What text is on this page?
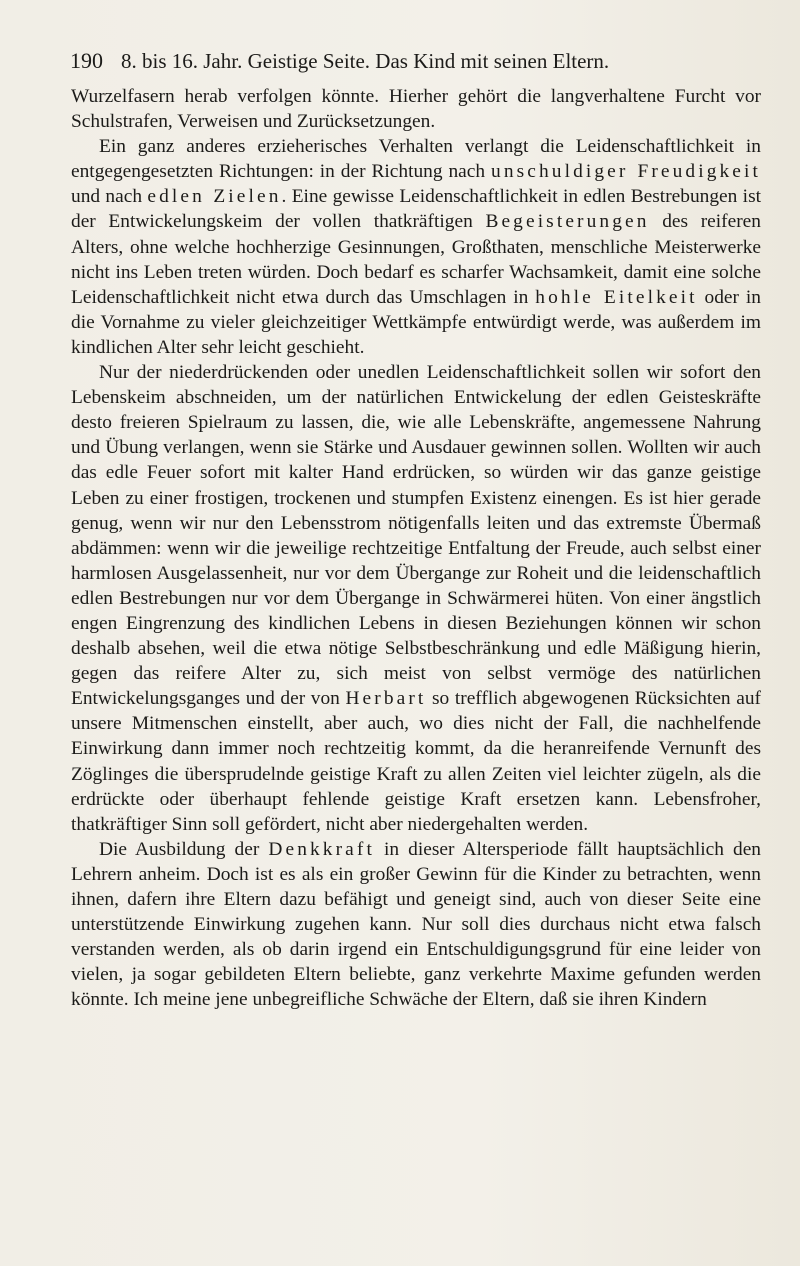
190 8. bis 16. Jahr. Geistige Seite. Das Kind mit seinen Eltern.

Wurzelfasern herab verfolgen könnte. Hierher gehört die langverhaltene Furcht vor Schulstrafen, Verweisen und Zurücksetzungen.

Ein ganz anderes erzieherisches Verhalten verlangt die Leidenschaftlichkeit in entgegengesetzten Richtungen: in der Richtung nach unschuldiger Freudigkeit und nach edlen Zielen. Eine gewisse Leidenschaftlichkeit in edlen Bestrebungen ist der Entwickelungskeim der vollen thatkräftigen Begeisterungen des reiferen Alters, ohne welche hochherzige Gesinnungen, Großthaten, menschliche Meisterwerke nicht ins Leben treten würden. Doch bedarf es scharfer Wachsamkeit, damit eine solche Leidenschaftlichkeit nicht etwa durch das Umschlagen in hohle Eitelkeit oder in die Vornahme zu vieler gleichzeitiger Wettkämpfe entwürdigt werde, was außerdem im kindlichen Alter sehr leicht geschieht.

Nur der niederdrückenden oder unedlen Leidenschaftlichkeit sollen wir sofort den Lebenskeim abschneiden, um der natürlichen Entwickelung der edlen Geisteskräfte desto freieren Spielraum zu lassen, die, wie alle Lebenskräfte, angemessene Nahrung und Übung verlangen, wenn sie Stärke und Ausdauer gewinnen sollen. Wollten wir auch das edle Feuer sofort mit kalter Hand erdrücken, so würden wir das ganze geistige Leben zu einer frostigen, trockenen und stumpfen Existenz einengen. Es ist hier gerade genug, wenn wir nur den Lebensstrom nötigenfalls leiten und das extremste Übermaß abdämmen: wenn wir die jeweilige rechtzeitige Entfaltung der Freude, auch selbst einer harmlosen Ausgelassenheit, nur vor dem Übergange zur Roheit und die leidenschaftlich edlen Bestrebungen nur vor dem Übergange in Schwärmerei hüten. Von einer ängstlich engen Eingrenzung des kindlichen Lebens in diesen Beziehungen können wir schon deshalb absehen, weil die etwa nötige Selbstbeschränkung und edle Mäßigung hierin, gegen das reifere Alter zu, sich meist von selbst vermöge des natürlichen Entwickelungsganges und der von Herbart so trefflich abgewogenen Rücksichten auf unsere Mitmenschen einstellt, aber auch, wo dies nicht der Fall, die nachhelfende Einwirkung dann immer noch rechtzeitig kommt, da die heranreifende Vernunft des Zöglinges die übersprudelnde geistige Kraft zu allen Zeiten viel leichter zügeln, als die erdrückte oder überhaupt fehlende geistige Kraft ersetzen kann. Lebensfroher, thatkräftiger Sinn soll gefördert, nicht aber niedergehalten werden.

Die Ausbildung der Denkkraft in dieser Altersperiode fällt hauptsächlich den Lehrern anheim. Doch ist es als ein großer Gewinn für die Kinder zu betrachten, wenn ihnen, dafern ihre Eltern dazu befähigt und geneigt sind, auch von dieser Seite eine unterstützende Einwirkung zugehen kann. Nur soll dies durchaus nicht etwa falsch verstanden werden, als ob darin irgend ein Entschuldigungsgrund für eine leider von vielen, ja sogar gebildeten Eltern beliebte, ganz verkehrte Maxime gefunden werden könnte. Ich meine jene unbegreifliche Schwäche der Eltern, daß sie ihren Kindern
